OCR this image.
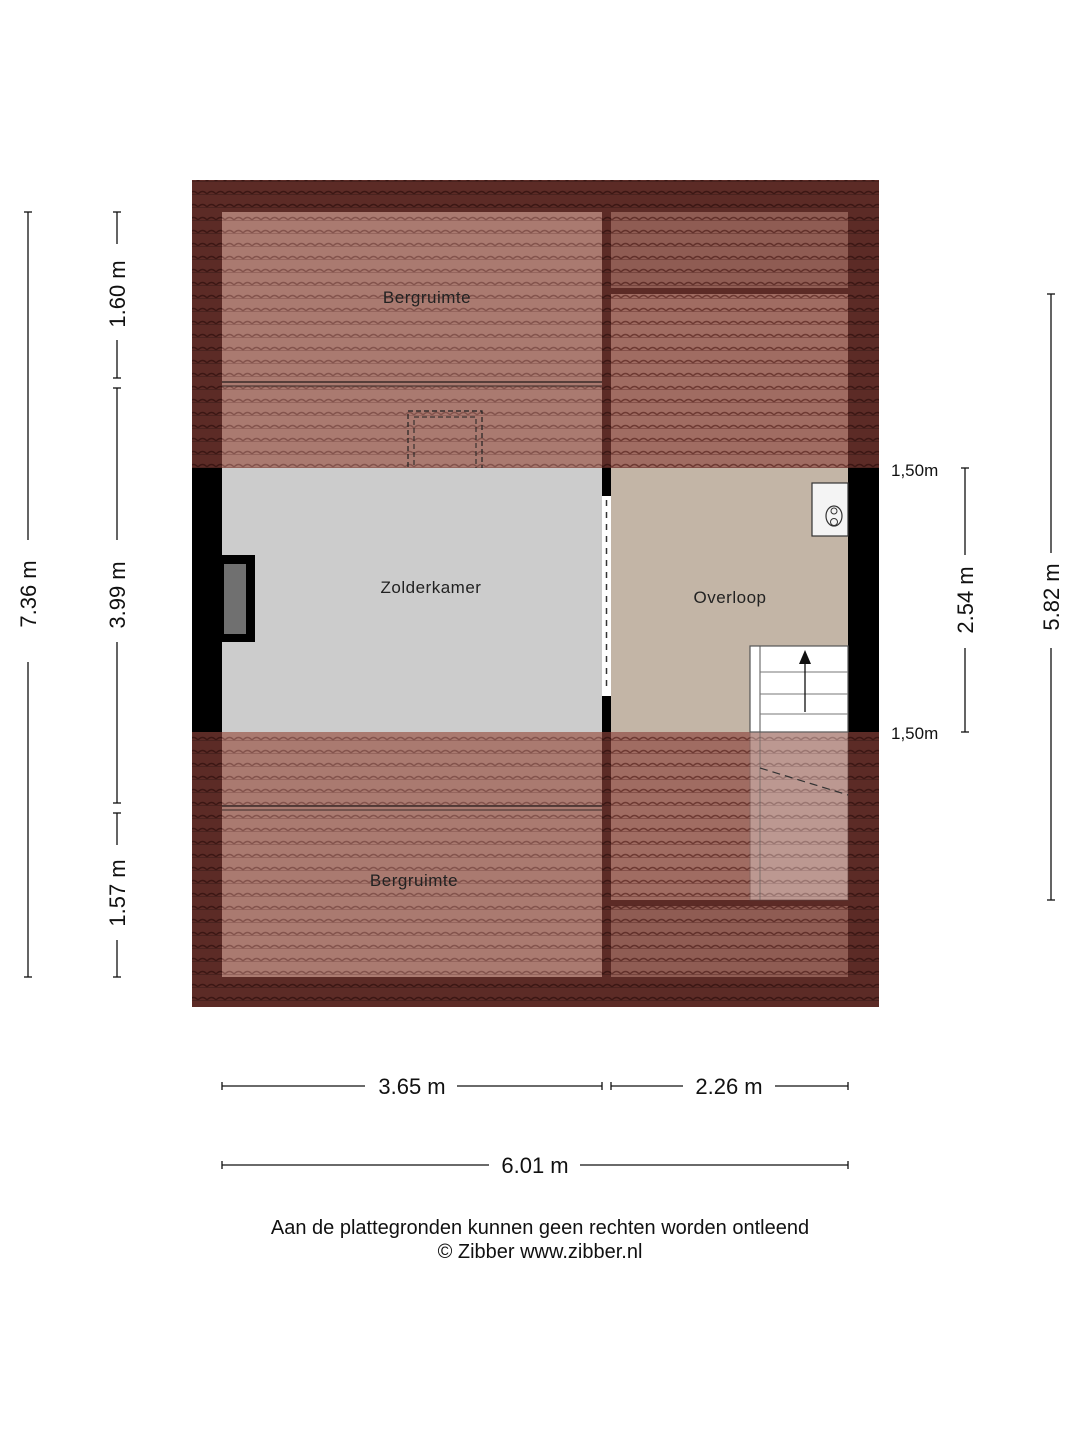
Bergruimte
Zolderkamer
Overloop
Bergruimte
7.36 m
1.60 m
3.99 m
1.57 m
2.54 m
1,50m
1,50m
5.82 m
3.65 m	2.26 m
6.01 m
Aan de plattegronden kunnen geen rechten worden ontleend
© Zibber www.zibber.nl
